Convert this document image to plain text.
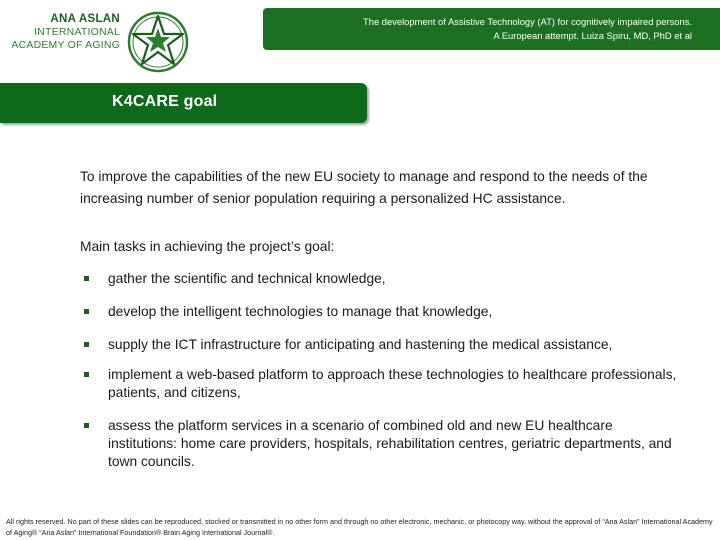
ANA ASLAN
INTERNATIONAL
ACADEMY OF AGING
The development of Assistive Technology (AT) for cognitively impaired persons.
A European attempt. Luiza Spiru, MD, PhD et al
K4CARE goal
To improve the capabilities of the new EU society to manage and respond to the needs of the increasing number of senior population requiring a personalized HC assistance.
Main tasks in achieving the project’s goal:
gather the scientific and technical knowledge,
develop the intelligent technologies to manage that knowledge,
supply the ICT infrastructure for anticipating and hastening the medical assistance,
implement a web-based platform to approach these technologies to healthcare professionals, patients, and citizens,
assess the platform services in a scenario of combined old and new EU healthcare institutions: home care providers, hospitals, rehabilitation centres, geriatric departments, and town councils.
All rights reserved. No part of these slides can be reproduced, stocked or transmitted in no other form and through no other electronic, mechanic, or photocopy way, without the approval of “Ana Aslan” International Academy of Aging® “Ana Aslan” International Foundation® Brain Aging International Journal®.
